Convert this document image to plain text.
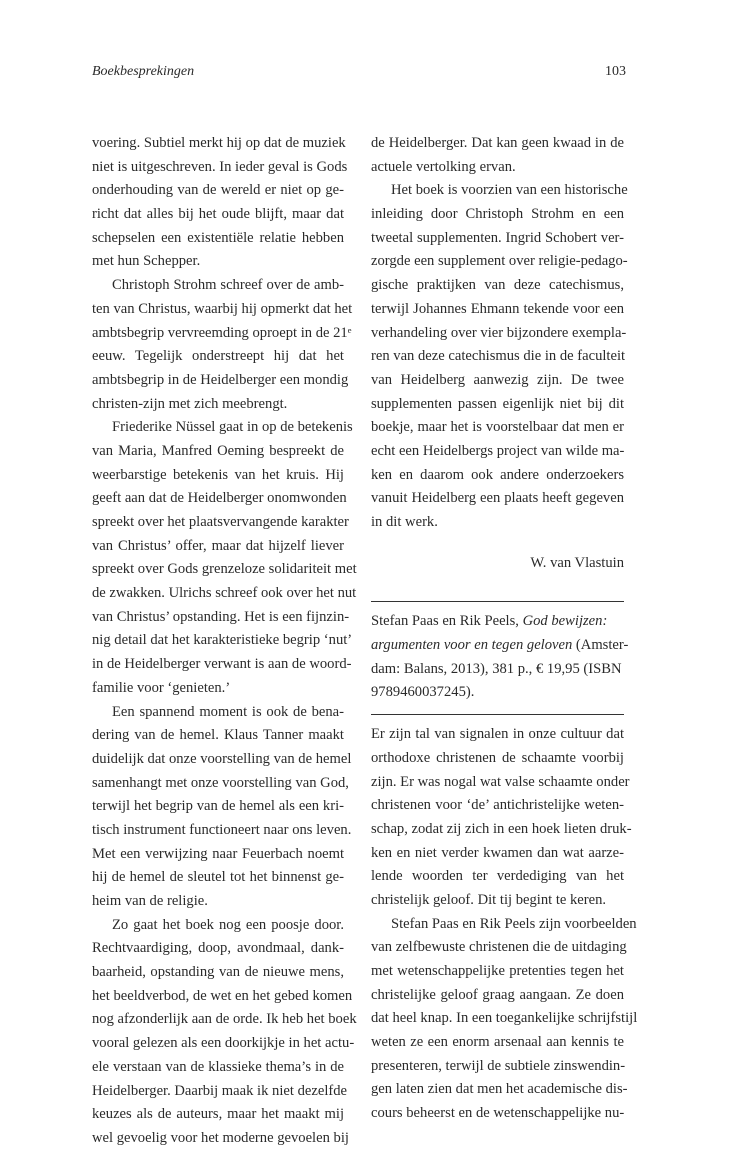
Boekbesprekingen	103
voering. Subtiel merkt hij op dat de muziek
niet is uitgeschreven. In ieder geval is Gods
onderhouding van de wereld er niet op ge-
richt dat alles bij het oude blijft, maar dat
schepselen een existentiële relatie hebben
met hun Schepper.
Christoph Strohm schreef over de amb-
ten van Christus, waarbij hij opmerkt dat het
ambtsbegrip vervreemding oproept in de 21ᵉ
eeuw. Tegelijk onderstreept hij dat het
ambtsbegrip in de Heidelberger een mondig
christen-zijn met zich meebrengt.
Friederike Nüssel gaat in op de betekenis
van Maria, Manfred Oeming bespreekt de
weerbarstige betekenis van het kruis. Hij
geeft aan dat de Heidelberger onomwonden
spreekt over het plaatsvervangende karakter
van Christus’ offer, maar dat hijzelf liever
spreekt over Gods grenzeloze solidariteit met
de zwakken. Ulrichs schreef ook over het nut
van Christus’ opstanding. Het is een fijnzin-
nig detail dat het karakteristieke begrip ‘nut’
in de Heidelberger verwant is aan de woord-
familie voor ‘genieten.’
Een spannend moment is ook de bena-
dering van de hemel. Klaus Tanner maakt
duidelijk dat onze voorstelling van de hemel
samenhangt met onze voorstelling van God,
terwijl het begrip van de hemel als een kri-
tisch instrument functioneert naar ons leven.
Met een verwijzing naar Feuerbach noemt
hij de hemel de sleutel tot het binnenst ge-
heim van de religie.
Zo gaat het boek nog een poosje door.
Rechtvaardiging, doop, avondmaal, dank-
baarheid, opstanding van de nieuwe mens,
het beeldverbod, de wet en het gebed komen
nog afzonderlijk aan de orde. Ik heb het boek
vooral gelezen als een doorkijkje in het actu-
ele verstaan van de klassieke thema’s in de
Heidelberger. Daarbij maak ik niet dezelfde
keuzes als de auteurs, maar het maakt mij
wel gevoelig voor het moderne gevoelen bij
de Heidelberger. Dat kan geen kwaad in de
actuele vertolking ervan.
Het boek is voorzien van een historische
inleiding door Christoph Strohm en een
tweetal supplementen. Ingrid Schobert ver-
zorgde een supplement over religie-pedago-
gische praktijken van deze catechismus,
terwijl Johannes Ehmann tekende voor een
verhandeling over vier bijzondere exempla-
ren van deze catechismus die in de faculteit
van Heidelberg aanwezig zijn. De twee
supplementen passen eigenlijk niet bij dit
boekje, maar het is voorstelbaar dat men er
echt een Heidelbergs project van wilde ma-
ken en daarom ook andere onderzoekers
vanuit Heidelberg een plaats heeft gegeven
in dit werk.
W. van Vlastuin
Stefan Paas en Rik Peels, God bewijzen:
argumenten voor en tegen geloven (Amster-
dam: Balans, 2013), 381 p., € 19,95 (ISBN
9789460037245).
Er zijn tal van signalen in onze cultuur dat
orthodoxe christenen de schaamte voorbij
zijn. Er was nogal wat valse schaamte onder
christenen voor ‘de’ antichristelijke weten-
schap, zodat zij zich in een hoek lieten druk-
ken en niet verder kwamen dan wat aarze-
lende woorden ter verdediging van het
christelijk geloof. Dit tij begint te keren.
Stefan Paas en Rik Peels zijn voorbeelden
van zelfbewuste christenen die de uitdaging
met wetenschappelijke pretenties tegen het
christelijke geloof graag aangaan. Ze doen
dat heel knap. In een toegankelijke schrijfstijl
weten ze een enorm arsenaal aan kennis te
presenteren, terwijl de subtiele zinswendin-
gen laten zien dat men het academische dis-
cours beheerst en de wetenschappelijke nu-
